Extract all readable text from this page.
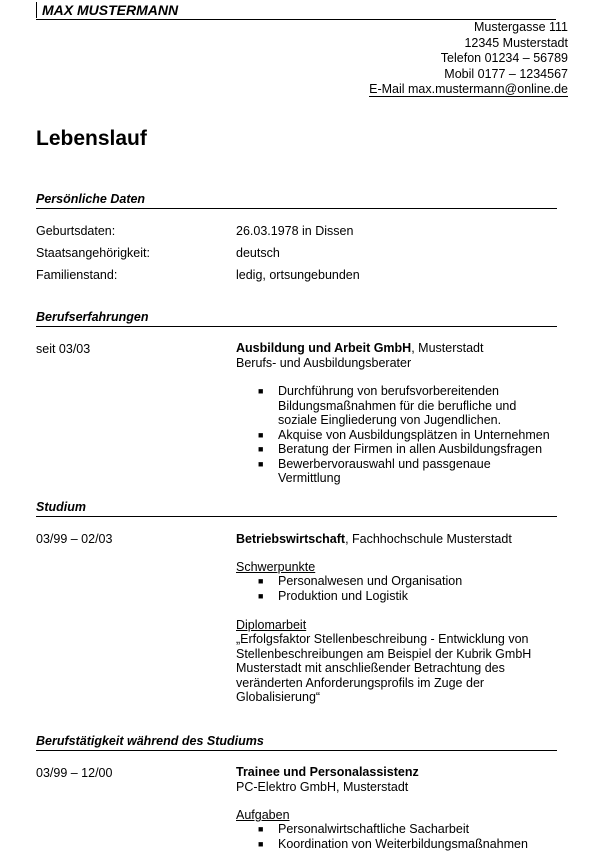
MAX MUSTERMANN
Mustergasse 111
12345 Musterstadt
Telefon 01234 – 56789
Mobil 0177 – 1234567
E-Mail max.mustermann@online.de
Lebenslauf
Persönliche Daten
Geburtsdaten:	26.03.1978 in Dissen
Staatsangehörigkeit:	deutsch
Familienstand:	ledig, ortsungebunden
Berufserfahrungen
seit 03/03	Ausbildung und Arbeit GmbH, Musterstadt
Berufs- und Ausbildungsberater
■ Durchführung von berufsvorbereitenden
Bildungsmaßnahmen für die berufliche und
soziale Eingliederung von Jugendlichen.
■ Akquise von Ausbildungsplätzen in Unternehmen
■ Beratung der Firmen in allen Ausbildungsfragen
■ Bewerbervorauswahl und passgenaue
Vermittlung
Studium
03/99 – 02/03	Betriebswirtschaft, Fachhochschule Musterstadt
Schwerpunkte
■ Personalwesen und Organisation
■ Produktion und Logistik
Diplomarbeit
„Erfolgsfaktor Stellenbeschreibung - Entwicklung von
Stellenbeschreibungen am Beispiel der Kubrik GmbH
Musterstadt mit anschließender Betrachtung des
veränderten Anforderungsprofils im Zuge der
Globalisierung“
Berufstätigkeit während des Studiums
03/99 – 12/00	Trainee und Personalassistenz
PC-Elektro GmbH, Musterstadt
Aufgaben
■ Personalwirtschaftliche Sacharbeit
■ Koordination von Weiterbildungsmaßnahmen
